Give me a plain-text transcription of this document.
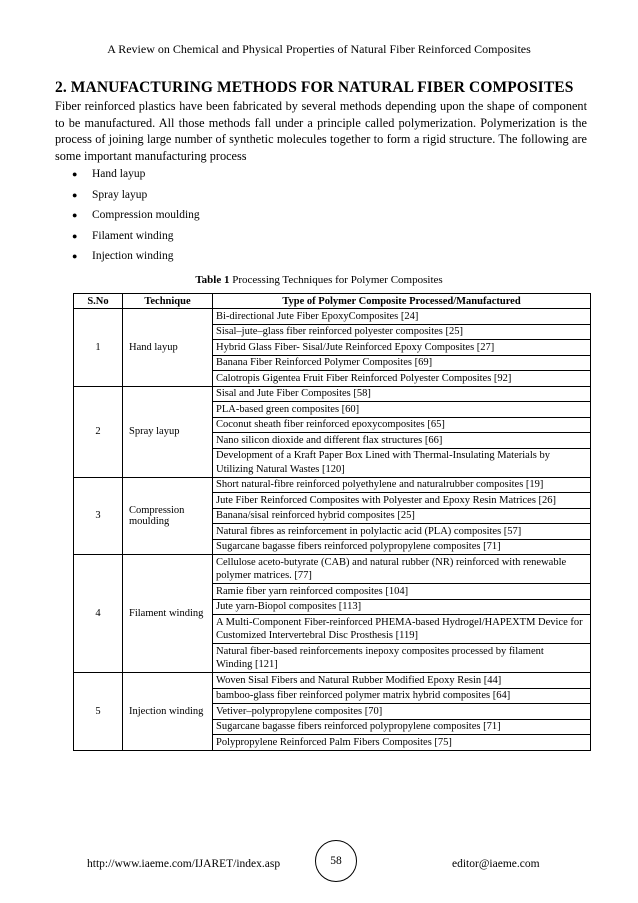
A Review on Chemical and Physical Properties of Natural Fiber Reinforced Composites
2. MANUFACTURING METHODS FOR NATURAL FIBER COMPOSITES

Fiber reinforced plastics have been fabricated by several methods depending upon the shape of component to be manufactured. All those methods fall under a principle called polymerization. Polymerization is the process of joining large number of synthetic molecules together to form a rigid structure. The following are some important manufacturing process

●	Hand layup
●	Spray layup
●	Compression moulding
●	Filament winding
●	Injection winding
Table 1 Processing Techniques for Polymer Composites
S.No	Technique	Type of Polymer Composite Processed/Manufactured
1	Hand layup	Bi-directional Jute Fiber EpoxyComposites [24]
		Sisal–jute–glass fiber reinforced polyester composites [25]
		Hybrid Glass Fiber- Sisal/Jute Reinforced Epoxy Composites [27]
		Banana Fiber Reinforced Polymer Composites [69]
		Calotropis Gigentea Fruit Fiber Reinforced Polyester Composites [92]
2	Spray layup	Sisal and Jute Fiber Composites [58]
		PLA-based green composites [60]
		Coconut sheath fiber reinforced epoxycomposites [65]
		Nano silicon dioxide and different flax structures [66]
		Development of a Kraft Paper Box Lined with Thermal-Insulating Materials by Utilizing Natural Wastes [120]
3	Compression moulding	Short natural-fibre reinforced polyethylene and naturalrubber composites [19]
		Jute Fiber Reinforced Composites with Polyester and Epoxy Resin Matrices [26]
		Banana/sisal reinforced hybrid composites [25]
		Natural fibres as reinforcement in polylactic acid (PLA) composites [57]
		Sugarcane bagasse fibers reinforced polypropylene composites [71]
4	Filament winding	Cellulose aceto-butyrate (CAB) and natural rubber (NR) reinforced with renewable polymer matrices. [77]
		Ramie fiber yarn reinforced composites [104]
		Jute yarn-Biopol composites [113]
		A Multi-Component Fiber-reinforced PHEMA-based Hydrogel/HAPEXTM Device for Customized Intervertebral Disc Prosthesis [119]
		Natural fiber-based reinforcements inepoxy composites processed by filament
Winding [121]
5	Injection winding	Woven Sisal Fibers and Natural Rubber Modified Epoxy Resin [44]
		bamboo-glass fiber reinforced polymer matrix hybrid composites [64]
		Vetiver–polypropylene composites [70]
		Sugarcane bagasse fibers reinforced polypropylene composites [71]
		Polypropylene Reinforced Palm Fibers Composites [75]
http://www.iaeme.com/IJARET/index.asp	58	editor@iaeme.com
